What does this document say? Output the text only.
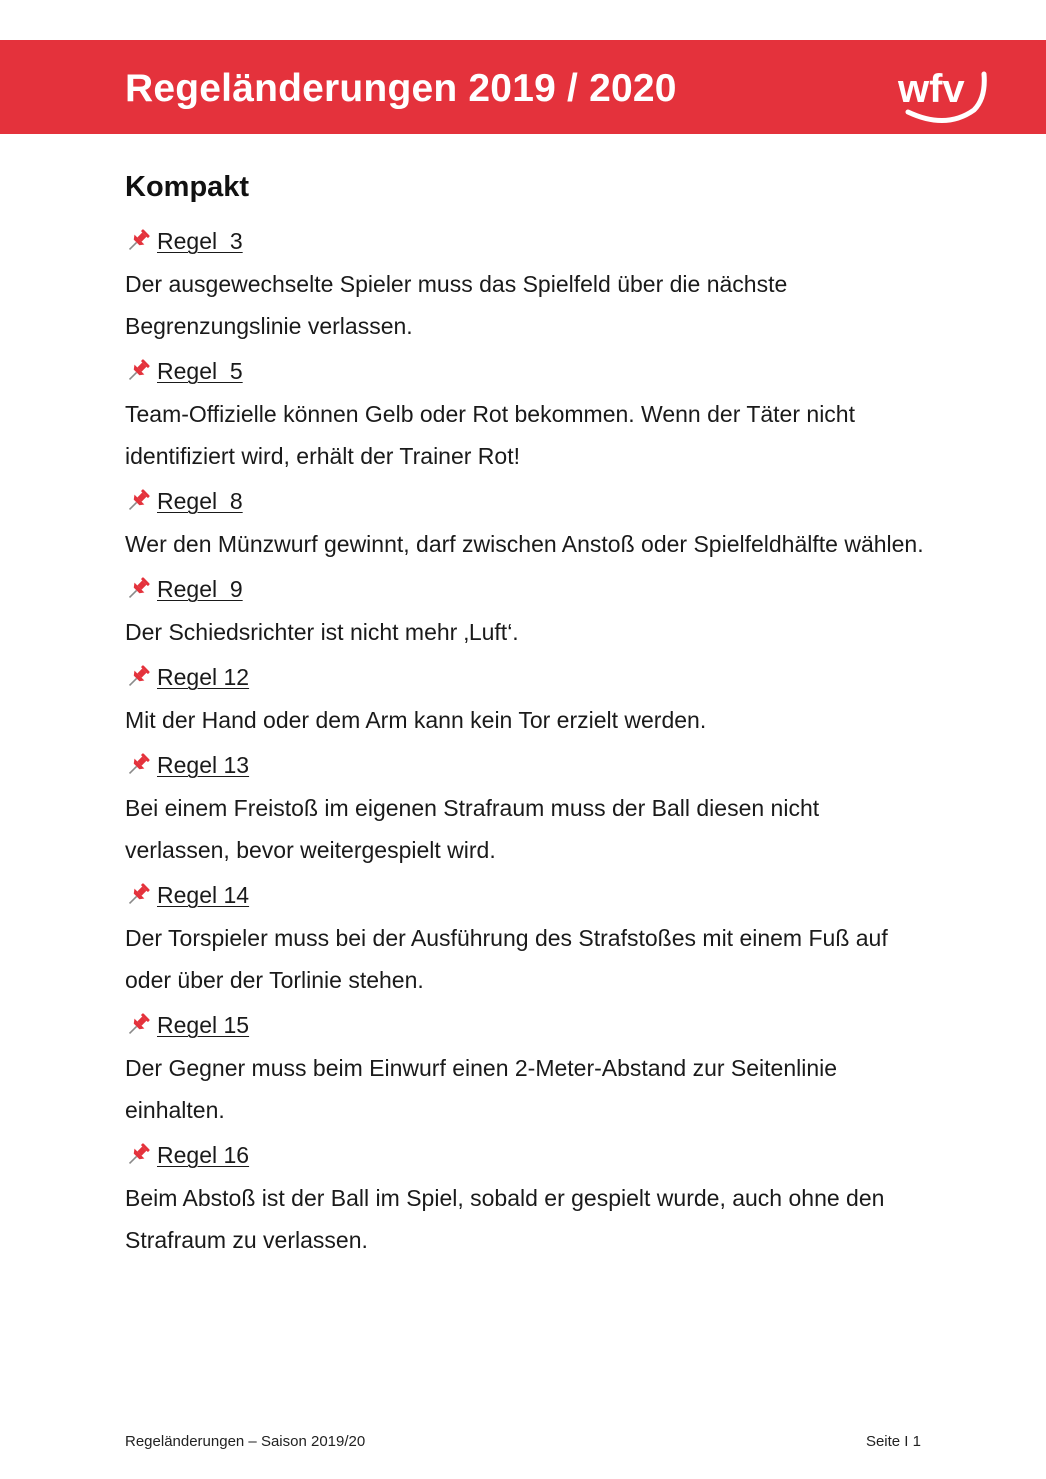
Regeländerungen 2019 / 2020	wfv
Kompakt
Regel  3

Der ausgewechselte Spieler muss das Spielfeld über die nächste Begrenzungslinie verlassen.

Regel  5

Team-Offizielle können Gelb oder Rot bekommen. Wenn der Täter nicht identifiziert wird, erhält der Trainer Rot!

Regel  8

Wer den Münzwurf gewinnt, darf zwischen Anstoß oder Spielfeldhälfte wählen.

Regel  9

Der Schiedsrichter ist nicht mehr ‚Luft‘.

Regel 12

Mit der Hand oder dem Arm kann kein Tor erzielt werden.

Regel 13

Bei einem Freistoß im eigenen Strafraum muss der Ball diesen nicht verlassen, bevor weitergespielt wird.

Regel 14

Der Torspieler muss bei der Ausführung des Strafstoßes mit einem Fuß auf oder über der Torlinie stehen.

Regel 15

Der Gegner muss beim Einwurf einen 2-Meter-Abstand zur Seitenlinie einhalten.

Regel 16

Beim Abstoß ist der Ball im Spiel, sobald er gespielt wurde, auch ohne den Strafraum zu verlassen.

Regeländerungen – Saison 2019/20	Seite I 1
